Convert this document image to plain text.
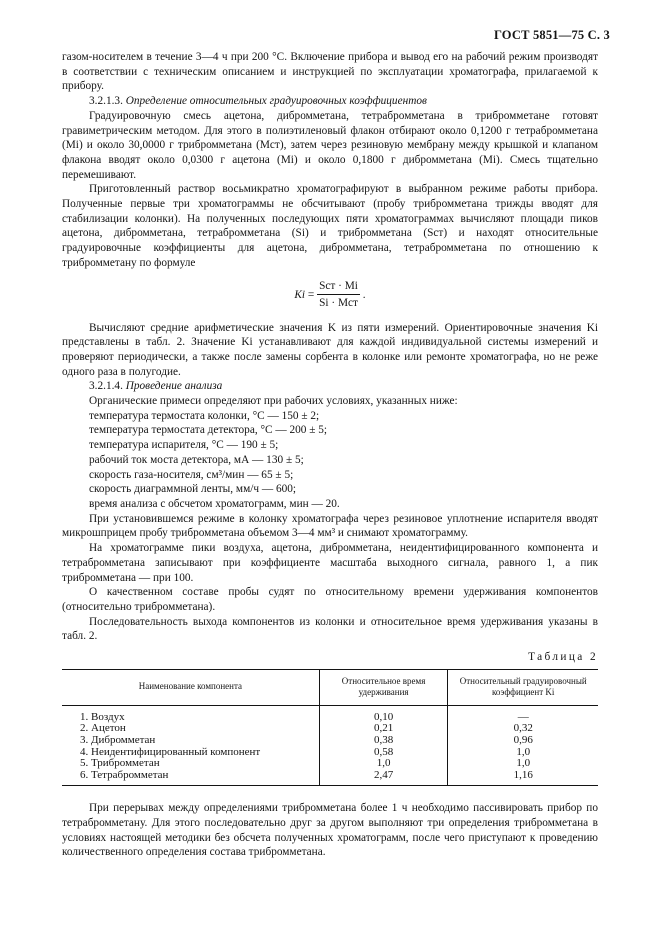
ГОСТ 5851—75 С. 3

газом-носителем в течение 3—4 ч при 200 °С. Включение прибора и вывод его на рабочий режим производят в соответствии с техническим описанием и инструкцией по эксплуатации хроматографа, прилагаемой к прибору.

3.2.1.3. Определение относительных градуировочных коэффициентов

Градуировочную смесь ацетона, дибромметана, тетрабромметана в трибромметане готовят гравиметрическим методом. Для этого в полиэтиленовый флакон отбирают около 0,1200 г тетрабромметана (Mi) и около 30,0000 г трибромметана (Mст), затем через резиновую мембрану между крышкой и клапаном флакона вводят около 0,0300 г ацетона (Mi) и около 0,1800 г дибромметана (Mi). Смесь тщательно перемешивают.

Приготовленный раствор восьмикратно хроматографируют в выбранном режиме работы прибора. Полученные первые три хроматограммы не обсчитывают (пробу трибромметана трижды вводят для стабилизации колонки). На полученных последующих пяти хроматограммах вычисляют площади пиков ацетона, дибромметана, тетрабромметана (Si) и трибромметана (Sст) и находят относительные градуировочные коэффициенты для ацетона, дибромметана, тетрабромметана по отношению к трибромметану по формуле

$Ki = \frac{\text{Sст · Mi}}{\text{Si · Mст}}$ .

Вычисляют средние арифметические значения K из пяти измерений. Ориентировочные значения Ki представлены в табл. 2. Значение Ki устанавливают для каждой индивидуальной системы измерений и проверяют периодически, а также после замены сорбента в колонке или ремонте хроматографа, но не реже одного раза в полугодие.

3.2.1.4. Проведение анализа

Органические примеси определяют при рабочих условиях, указанных ниже:

температура термостата колонки, °С — 150 ± 2;

температура термостата детектора, °С — 200 ± 5;

температура испарителя, °С — 190 ± 5;

рабочий ток моста детектора, мА — 130 ± 5;

скорость газа-носителя, см³/мин — 65 ± 5;

скорость диаграммной ленты, мм/ч — 600;

время анализа с обсчетом хроматограмм, мин — 20.

При установившемся режиме в колонку хроматографа через резиновое уплотнение испарителя вводят микрошприцем пробу трибромметана объемом 3—4 мм³ и снимают хроматограмму.

На хроматограмме пики воздуха, ацетона, дибромметана, неидентифицированного компонента и тетрабромметана записывают при коэффициенте масштаба выходного сигнала, равного 1, а пик трибромметана — при 100.

О качественном составе пробы судят по относительному времени удерживания компонентов (относительно трибромметана).

Последовательность выхода компонентов из колонки и относительное время удерживания указаны в табл. 2.

Таблица 2
Наименование компонента	Относительное время удерживания	Относительный градуировочный коэффициент Ki
1. Воздух	0,10	—
2. Ацетон	0,21	0,32
3. Дибромметан	0,38	0,96
4. Неидентифицированный компонент	0,58	1,0
5. Трибромметан	1,0	1,0
6. Тетрабромметан	2,47	1,16

При перерывах между определениями трибромметана более 1 ч необходимо пассивировать прибор по тетрабромметану. Для этого последовательно друг за другом выполняют три определения трибромметана в условиях настоящей методики без обсчета полученных хроматограмм, после чего приступают к проведению количественного определения состава трибромметана.
